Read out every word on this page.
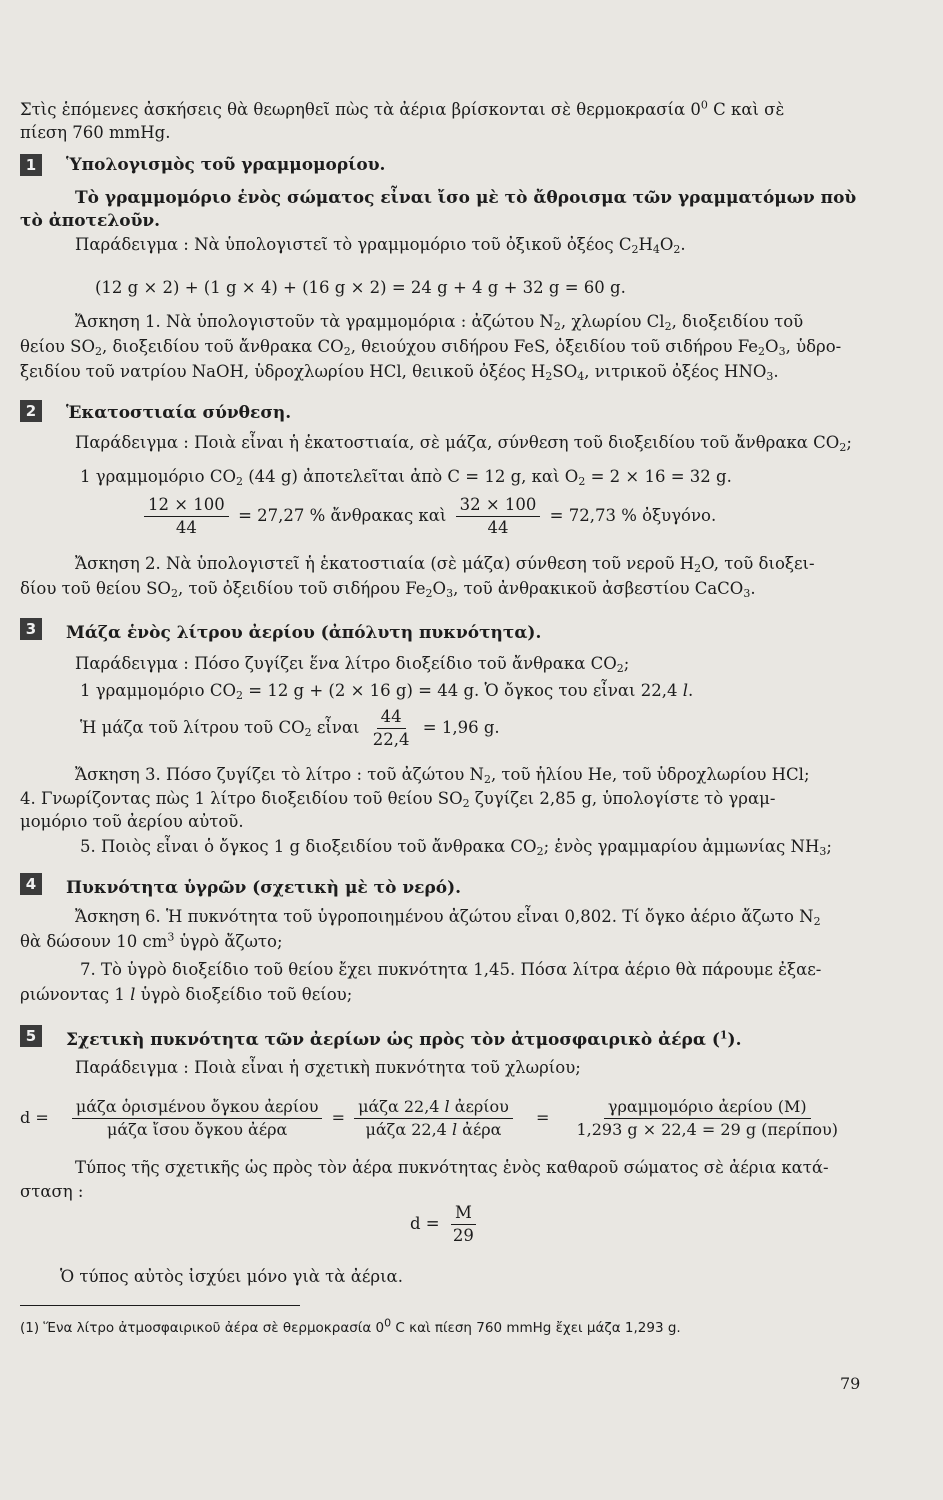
Στὶς ἑπόμενες ἀσκήσεις θὰ θεωρηθεῖ πὼς τὰ ἀέρια βρίσκονται σὲ θερμοκρασία $0^0$ C καὶ σὲ
πίεση 760 mmHg.
1	Ὑπολογισμὸς τοῦ γραμμομορίου.
Τὸ γραμμομόριο ἑνὸς σώματος εἶναι ἴσο μὲ τὸ ἄθροισμα τῶν γραμματόμων ποὺ
τὸ ἀποτελοῦν.
Παράδειγμα : Νὰ ὑπολογιστεῖ τὸ γραμμομόριο τοῦ ὀξικοῦ ὀξέος $C_2H_4O_2$.
(12 g × 2) + (1 g × 4) + (16 g × 2) = 24 g + 4 g + 32 g = 60 g.
Ἄσκηση 1. Νὰ ὑπολογιστοῦν τὰ γραμμομόρια : ἀζώτου $N_2$, χλωρίου $Cl_2$, διοξειδίου τοῦ
θείου $SO_2$, διοξειδίου τοῦ ἄνθρακα $CO_2$, θειούχου σιδήρου FeS, ὀξειδίου τοῦ σιδήρου $Fe_2O_3$, ὑδρο-
ξειδίου τοῦ νατρίου NaOH, ὑδροχλωρίου HCl, θειικοῦ ὀξέος $H_2SO_4$, νιτρικοῦ ὀξέος $HNO_3$.
2	Ἑκατοστιαία σύνθεση.
Παράδειγμα : Ποιὰ εἶναι ἡ ἑκατοστιαία, σὲ μάζα, σύνθεση τοῦ διοξειδίου τοῦ ἄνθρακα $CO_2$;
1 γραμμομόριο $CO_2$ (44 g) ἀποτελεῖται ἀπὸ C = 12 g, καὶ $O_2 = 2 \times 16 = 32$ g.
$\frac{12 \times 100}{44} = 27,27$ % ἄνθρακας καὶ $\frac{32 \times 100}{44} = 72,73$ % ὀξυγόνο.
Ἄσκηση 2. Νὰ ὑπολογιστεῖ ἡ ἑκατοστιαία (σὲ μάζα) σύνθεση τοῦ νεροῦ $H_2O$, τοῦ διοξει-
δίου τοῦ θείου $SO_2$, τοῦ ὀξειδίου τοῦ σιδήρου $Fe_2O_3$, τοῦ ἀνθρακικοῦ ἀσβεστίου CaCO$_3$.
3	Μάζα ἑνὸς λίτρου ἀερίου (ἀπόλυτη πυκνότητα).
Παράδειγμα : Πόσο ζυγίζει ἕνα λίτρο διοξείδιο τοῦ ἄνθρακα $CO_2$;
1 γραμμομόριο $CO_2 = 12$ g + (2 × 16 g) = 44 g. Ὁ ὄγκος του εἶναι 22,4 l.
Ἡ μάζα τοῦ λίτρου τοῦ $CO_2$ εἶναι $\frac{44}{22,4} = 1,96$ g.
Ἄσκηση 3. Πόσο ζυγίζει τὸ λίτρο : τοῦ ἀζώτου $N_2$, τοῦ ἡλίου He, τοῦ ὑδροχλωρίου HCl;
4. Γνωρίζοντας πὼς 1 λίτρο διοξειδίου τοῦ θείου $SO_2$ ζυγίζει 2,85 g, ὑπολογίστε τὸ γραμ-
μομόριο τοῦ ἀερίου αὐτοῦ.
5. Ποιὸς εἶναι ὁ ὄγκος 1 g διοξειδίου τοῦ ἄνθρακα $CO_2$; ἑνὸς γραμμαρίου ἀμμωνίας $NH_3$;
4	Πυκνότητα ὑγρῶν (σχετικὴ μὲ τὸ νερό).
Ἄσκηση 6. Ἡ πυκνότητα τοῦ ὑγροποιημένου ἀζώτου εἶναι 0,802. Τί ὄγκο ἀέριο ἄζωτο $N_2$
θὰ δώσουν 10 $cm^3$ ὑγρὸ ἄζωτο;
7. Τὸ ὑγρὸ διοξείδιο τοῦ θείου ἔχει πυκνότητα 1,45. Πόσα λίτρα ἀέριο θὰ πάρουμε ἐξαε-
ριώνοντας 1 l ὑγρὸ διοξείδιο τοῦ θείου;
5	Σχετικὴ πυκνότητα τῶν ἀερίων ὡς πρὸς τὸν ἀτμοσφαιρικὸ ἀέρα ($^1$).
Παράδειγμα : Ποιὰ εἶναι ἡ σχετικὴ πυκνότητα τοῦ χλωρίου;
$d = \frac{\text{μάζα ὁρισμένου ὄγκου ἀερίου}}{\text{μάζα ἴσου ὄγκου ἀέρα}} = \frac{\text{μάζα 22,4 l ἀερίου}}{\text{μάζα 22,4 l ἀέρα}} = \frac{\text{γραμμομόριο ἀερίου (M)}}{\text{1,293 g × 22,4 = 29 g (περίπου)}}$
Τύπος τῆς σχετικῆς ὡς πρὸς τὸν ἀέρα πυκνότητας ἑνὸς καθαροῦ σώματος σὲ ἀέρια κατά-
σταση :
$d = \frac{M}{29}$
Ὁ τύπος αὐτὸς ἰσχύει μόνο γιὰ τὰ ἀέρια.
(1) Ἕνα λίτρο ἀτμοσφαιρικοῦ ἀέρα σὲ θερμοκρασία $0^0$ C καὶ πίεση 760 mmHg ἔχει μάζα 1,293 g.
79
